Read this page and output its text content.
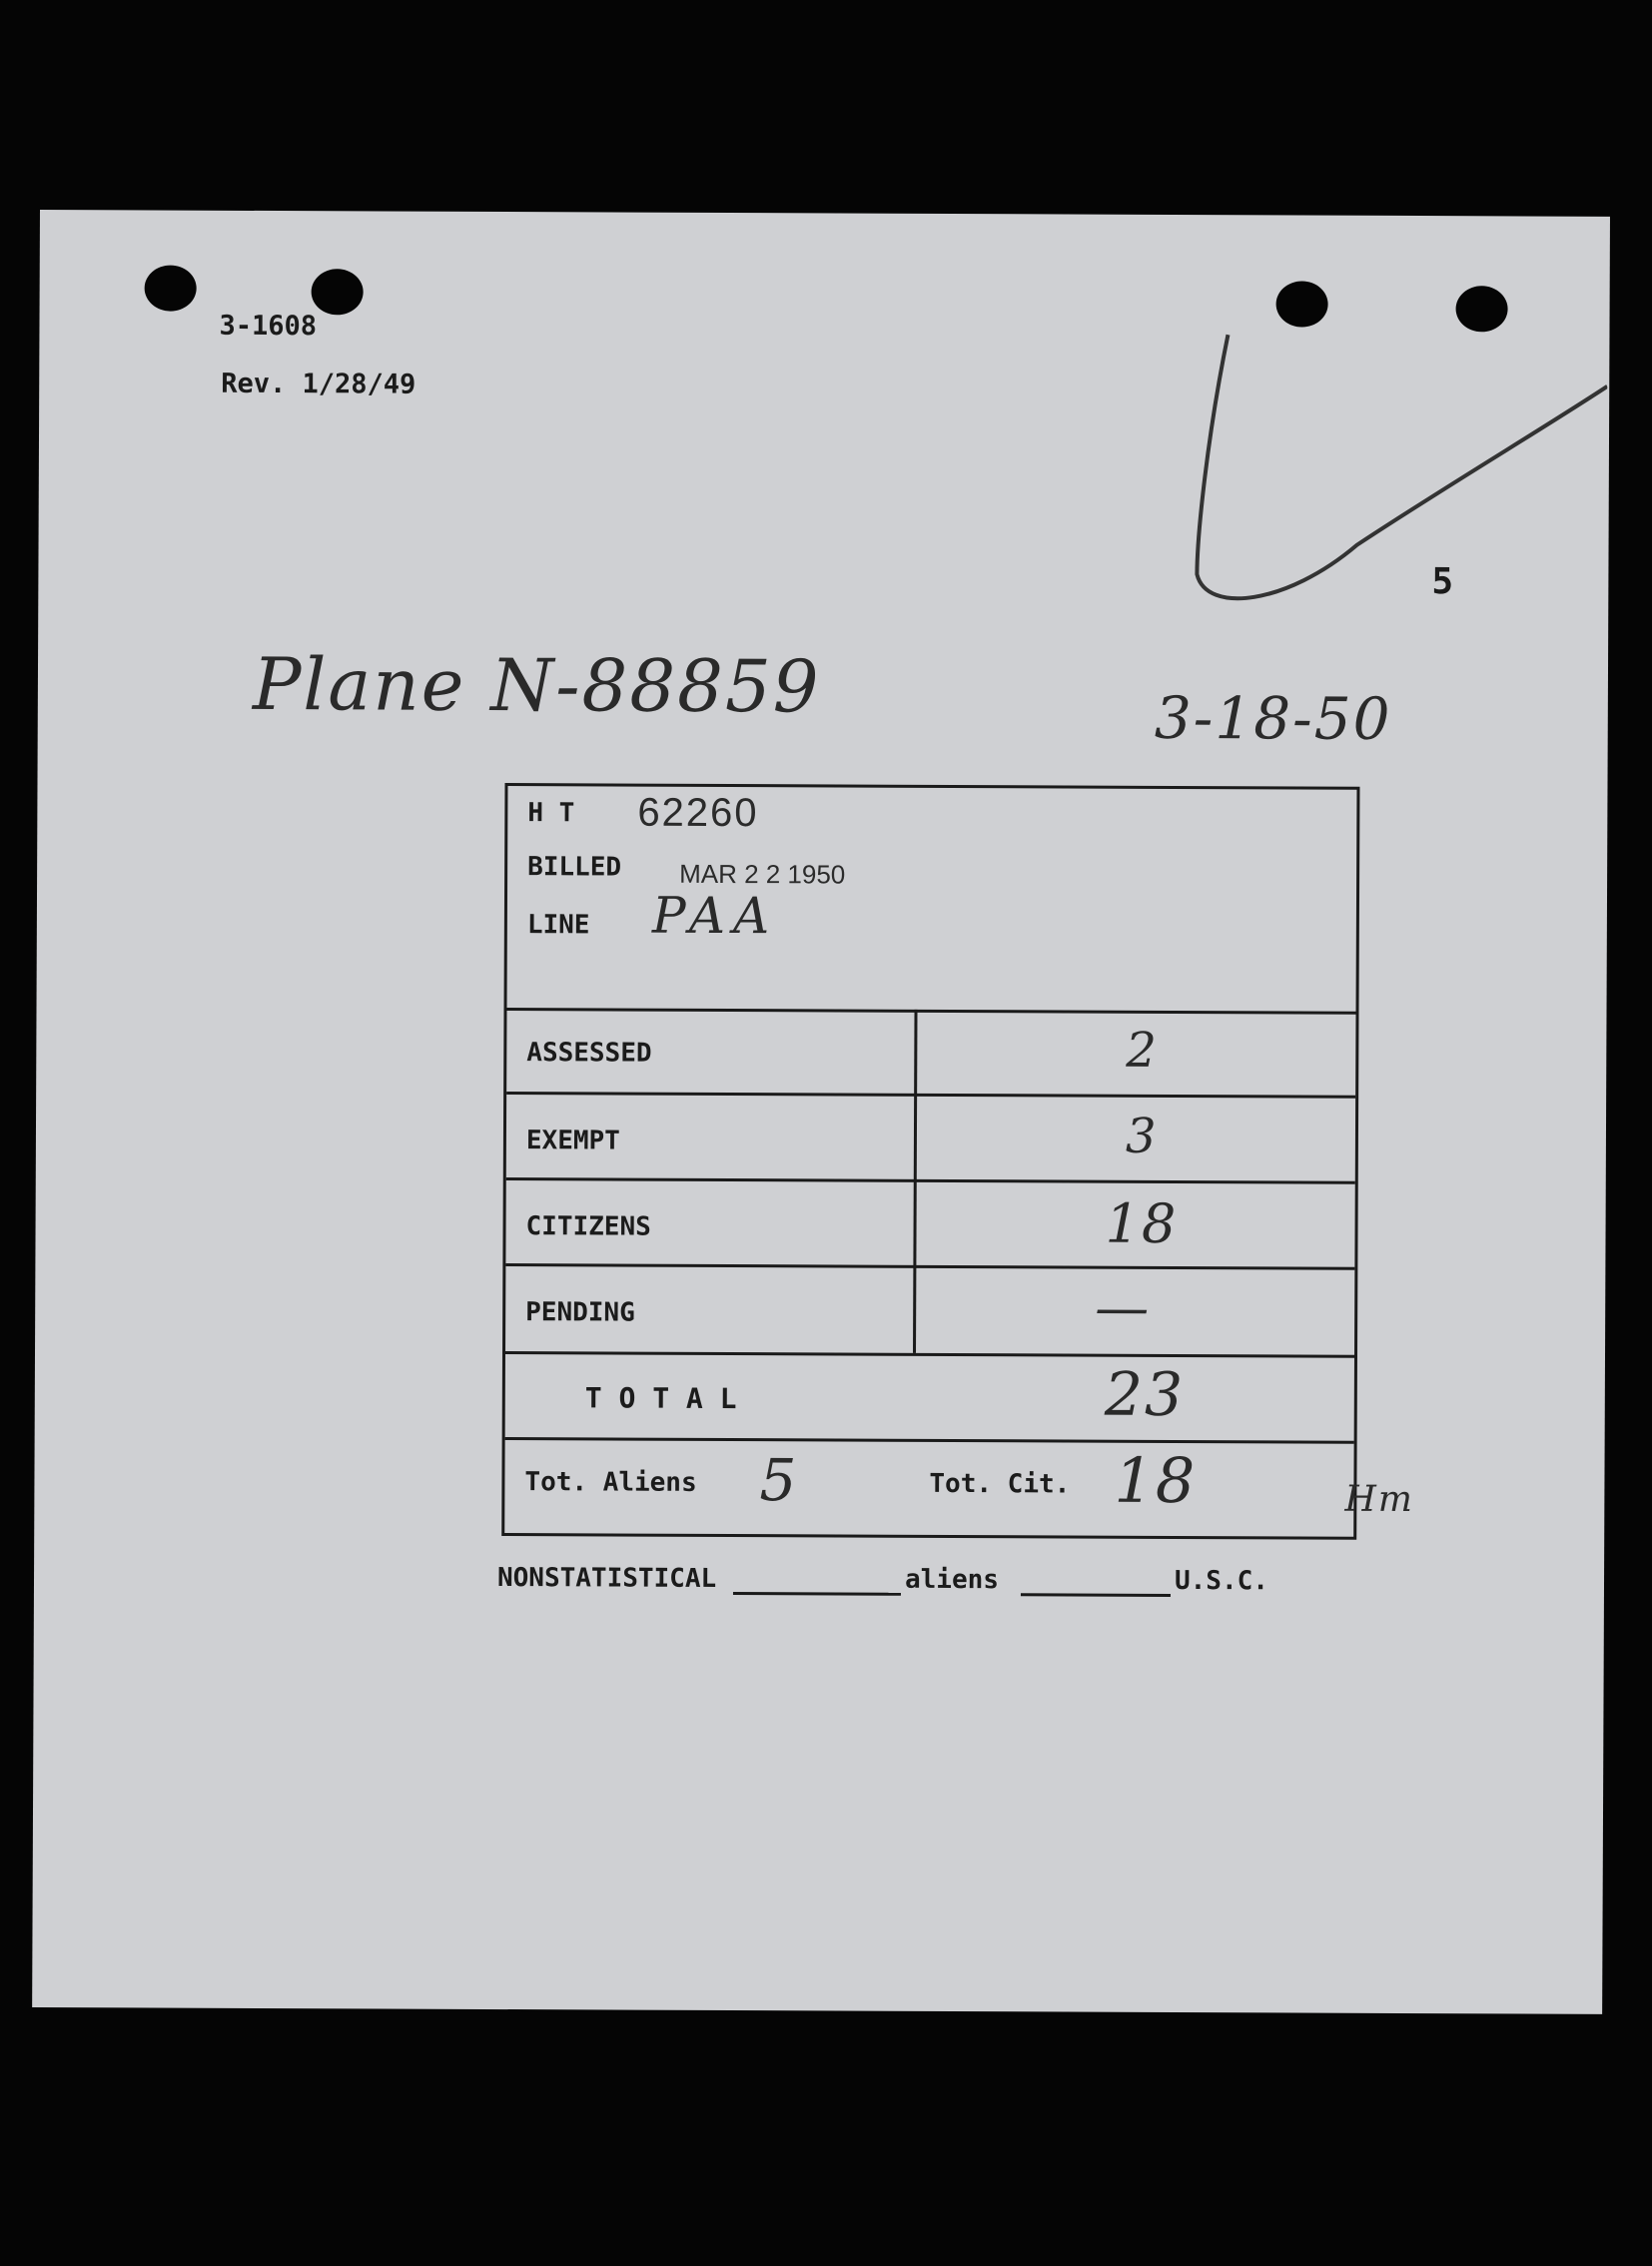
3-1608
Rev. 1/28/49
5
Plane N-88859	3-18-50
H T 62260
BILLED MAR 2 2 1950
LINE PAA
ASSESSED	2
EXEMPT	3
CITIZENS	18
PENDING	—
T O T A L	23
Tot. Aliens 5	Tot. Cit. 18	Hm
NONSTATISTICAL	aliens	U.S.C.
